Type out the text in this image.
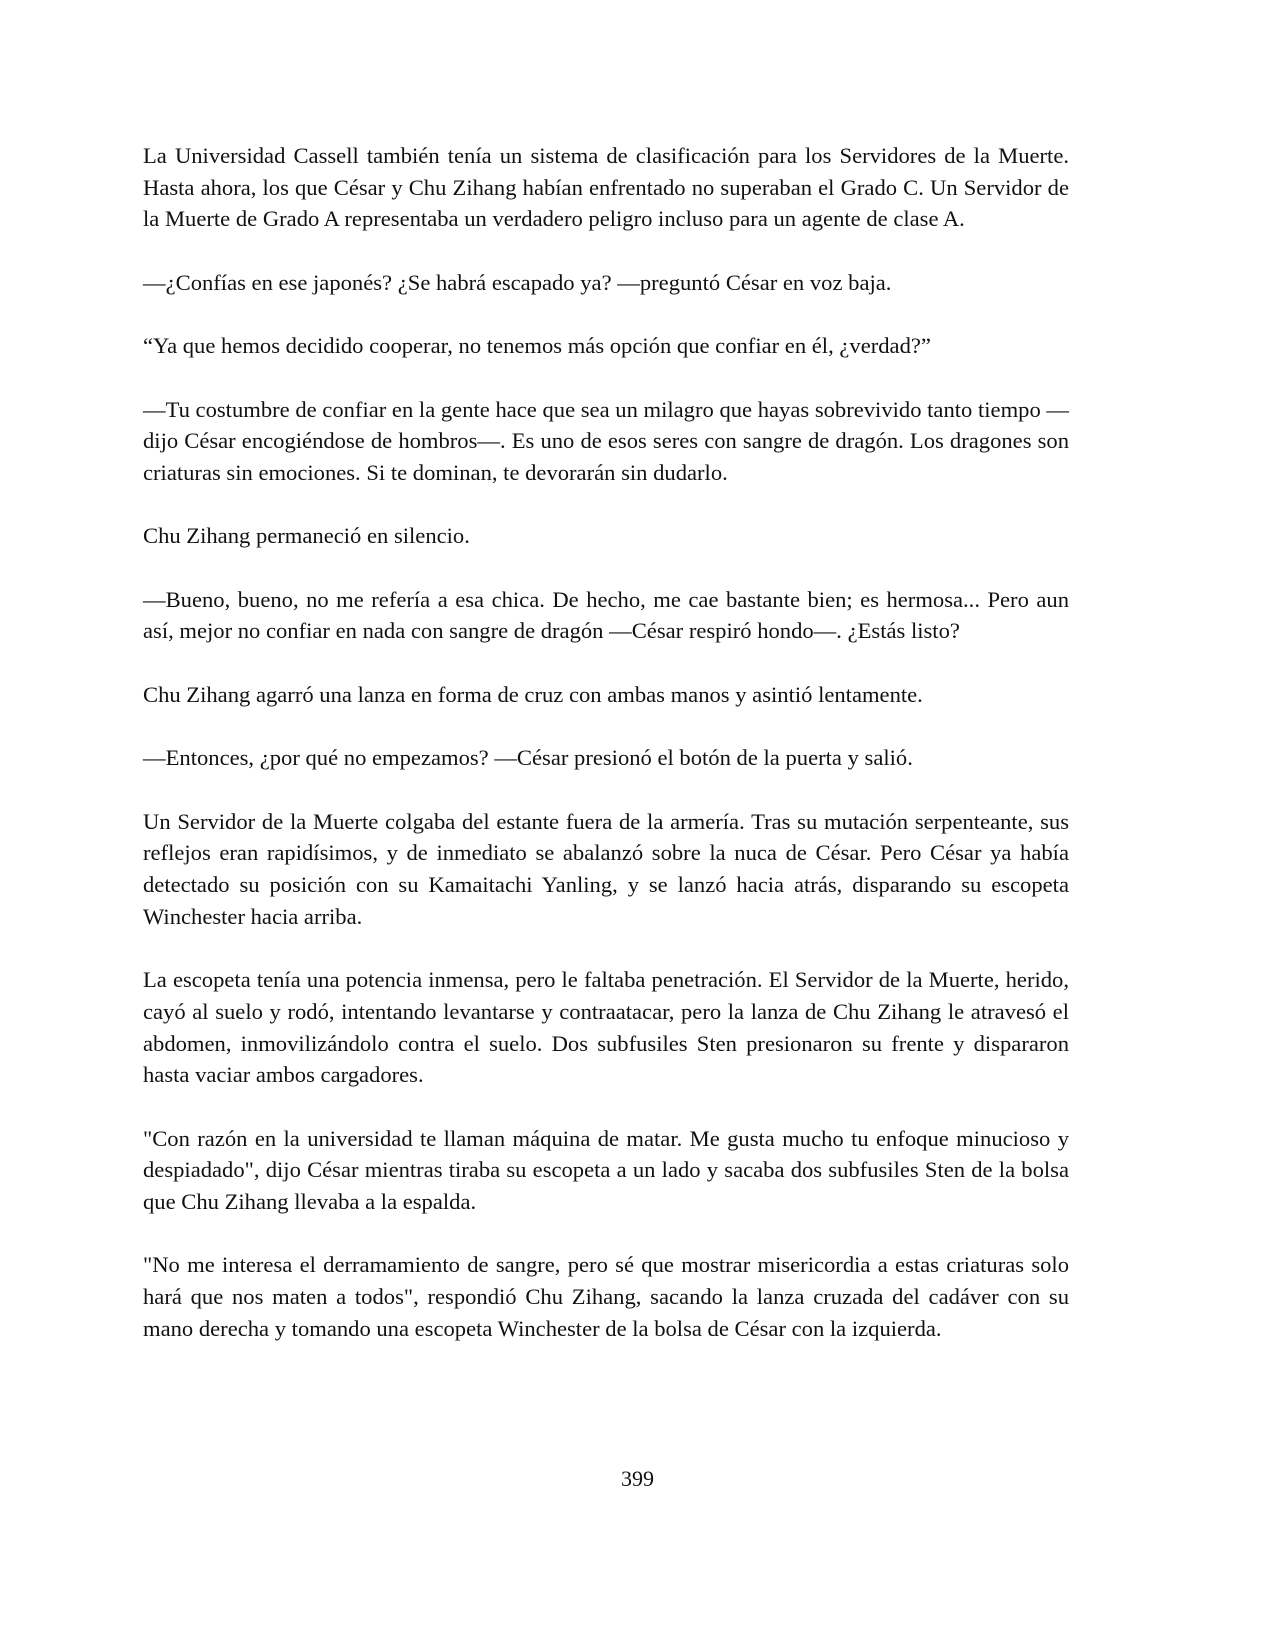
La Universidad Cassell también tenía un sistema de clasificación para los Servidores de la Muerte. Hasta ahora, los que César y Chu Zihang habían enfrentado no superaban el Grado C. Un Servidor de la Muerte de Grado A representaba un verdadero peligro incluso para un agente de clase A.

—¿Confías en ese japonés? ¿Se habrá escapado ya? —preguntó César en voz baja.

“Ya que hemos decidido cooperar, no tenemos más opción que confiar en él, ¿verdad?”

—Tu costumbre de confiar en la gente hace que sea un milagro que hayas sobrevivido tanto tiempo —dijo César encogiéndose de hombros—. Es uno de esos seres con sangre de dragón. Los dragones son criaturas sin emociones. Si te dominan, te devorarán sin dudarlo.

Chu Zihang permaneció en silencio.

—Bueno, bueno, no me refería a esa chica. De hecho, me cae bastante bien; es hermosa... Pero aun así, mejor no confiar en nada con sangre de dragón —César respiró hondo—. ¿Estás listo?

Chu Zihang agarró una lanza en forma de cruz con ambas manos y asintió lentamente.

—Entonces, ¿por qué no empezamos? —César presionó el botón de la puerta y salió.

Un Servidor de la Muerte colgaba del estante fuera de la armería. Tras su mutación serpenteante, sus reflejos eran rapidísimos, y de inmediato se abalanzó sobre la nuca de César. Pero César ya había detectado su posición con su Kamaitachi Yanling, y se lanzó hacia atrás, disparando su escopeta Winchester hacia arriba.

La escopeta tenía una potencia inmensa, pero le faltaba penetración. El Servidor de la Muerte, herido, cayó al suelo y rodó, intentando levantarse y contraatacar, pero la lanza de Chu Zihang le atravesó el abdomen, inmovilizándolo contra el suelo. Dos subfusiles Sten presionaron su frente y dispararon hasta vaciar ambos cargadores.

"Con razón en la universidad te llaman máquina de matar. Me gusta mucho tu enfoque minucioso y despiadado", dijo César mientras tiraba su escopeta a un lado y sacaba dos subfusiles Sten de la bolsa que Chu Zihang llevaba a la espalda.

"No me interesa el derramamiento de sangre, pero sé que mostrar misericordia a estas criaturas solo hará que nos maten a todos", respondió Chu Zihang, sacando la lanza cruzada del cadáver con su mano derecha y tomando una escopeta Winchester de la bolsa de César con la izquierda.

399
